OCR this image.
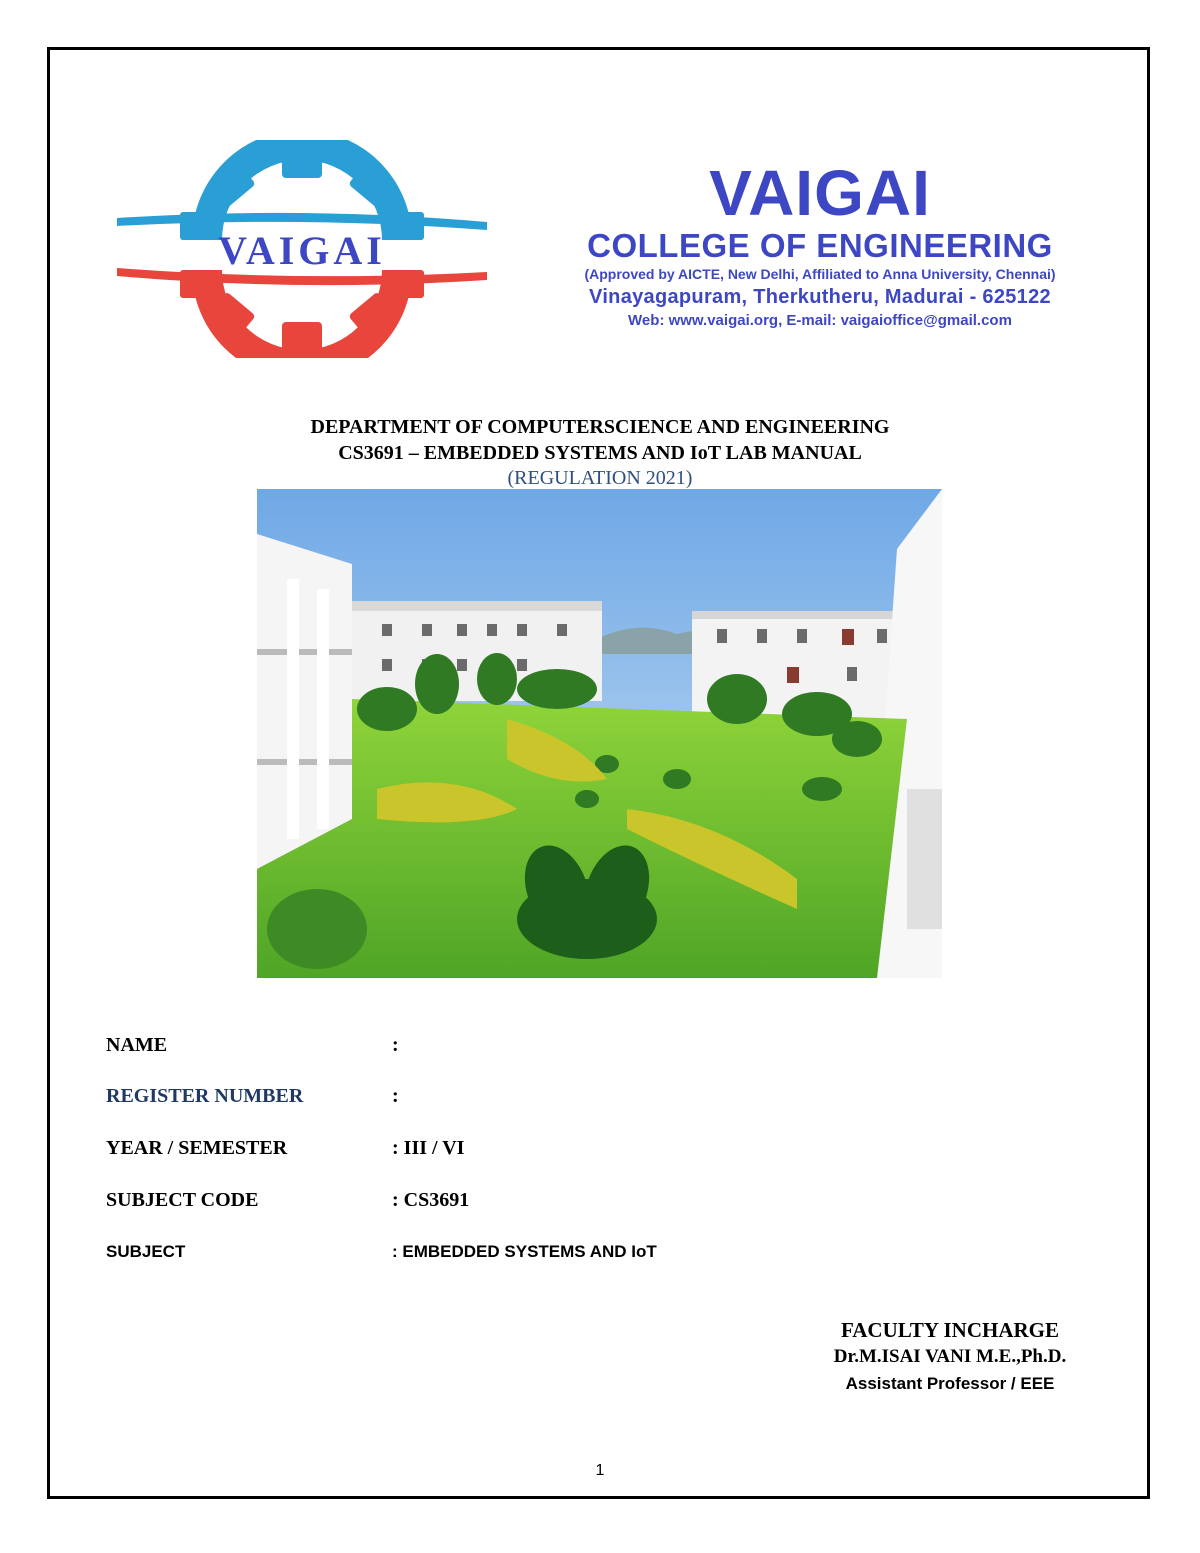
VAIGAI
VAIGAI
COLLEGE OF ENGINEERING
(Approved by AICTE, New Delhi, Affiliated to Anna University, Chennai)
Vinayagapuram, Therkutheru, Madurai - 625122
Web: www.vaigai.org, E-mail: vaigaioffice@gmail.com
DEPARTMENT OF COMPUTERSCIENCE AND ENGINEERING
CS3691 – EMBEDDED SYSTEMS AND IoT LAB MANUAL
(REGULATION 2021)
NAME	:
REGISTER NUMBER	:
YEAR / SEMESTER	: III / VI
SUBJECT CODE	: CS3691
SUBJECT	: EMBEDDED SYSTEMS AND IoT
FACULTY INCHARGE
Dr.M.ISAI VANI M.E.,Ph.D.
Assistant Professor / EEE
1
